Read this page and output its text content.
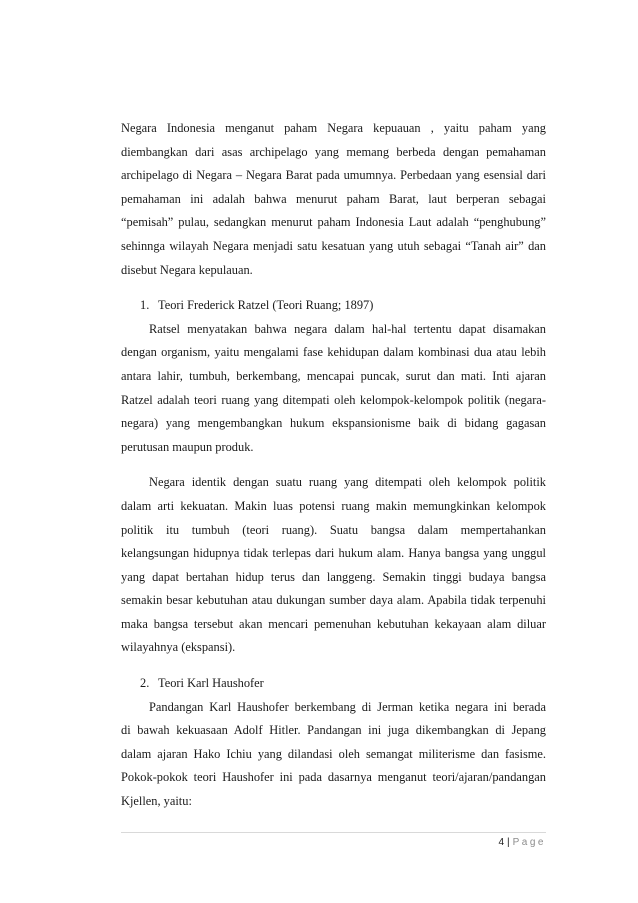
Negara Indonesia menganut paham Negara kepuauan , yaitu paham yang
diembangkan dari asas archipelago yang memang berbeda dengan pemahaman
archipelago di Negara – Negara Barat pada umumnya. Perbedaan yang esensial dari
pemahaman ini adalah bahwa menurut paham Barat, laut berperan sebagai
“pemisah” pulau, sedangkan menurut paham Indonesia Laut adalah “penghubung”
sehinnga wilayah Negara menjadi satu kesatuan yang utuh sebagai “Tanah air” dan
disebut Negara kepulauan.

1. Teori Frederick Ratzel (Teori Ruang; 1897)

Ratsel menyatakan bahwa negara dalam hal-hal tertentu dapat disamakan
dengan organism, yaitu mengalami fase kehidupan dalam kombinasi dua atau lebih
antara lahir, tumbuh, berkembang, mencapai puncak, surut dan mati. Inti ajaran
Ratzel adalah teori ruang yang ditempati oleh kelompok-kelompok politik (negara-
negara) yang mengembangkan hukum ekspansionisme baik di bidang gagasan
perutusan maupun produk.

Negara identik dengan suatu ruang yang ditempati oleh kelompok politik
dalam arti kekuatan. Makin luas potensi ruang makin memungkinkan kelompok
politik itu tumbuh (teori ruang). Suatu bangsa dalam mempertahankan
kelangsungan hidupnya tidak terlepas dari hukum alam. Hanya bangsa yang unggul
yang dapat bertahan hidup terus dan langgeng. Semakin tinggi budaya bangsa
semakin besar kebutuhan atau dukungan sumber daya alam. Apabila tidak terpenuhi
maka bangsa tersebut akan mencari pemenuhan kebutuhan kekayaan alam diluar
wilayahnya (ekspansi).

2. Teori Karl Haushofer

Pandangan Karl Haushofer berkembang di Jerman ketika negara ini berada
di bawah kekuasaan Adolf Hitler. Pandangan ini juga dikembangkan di Jepang
dalam ajaran Hako Ichiu yang dilandasi oleh semangat militerisme dan fasisme.
Pokok-pokok teori Haushofer ini pada dasarnya menganut teori/ajaran/pandangan
Kjellen, yaitu:

4 | Page
